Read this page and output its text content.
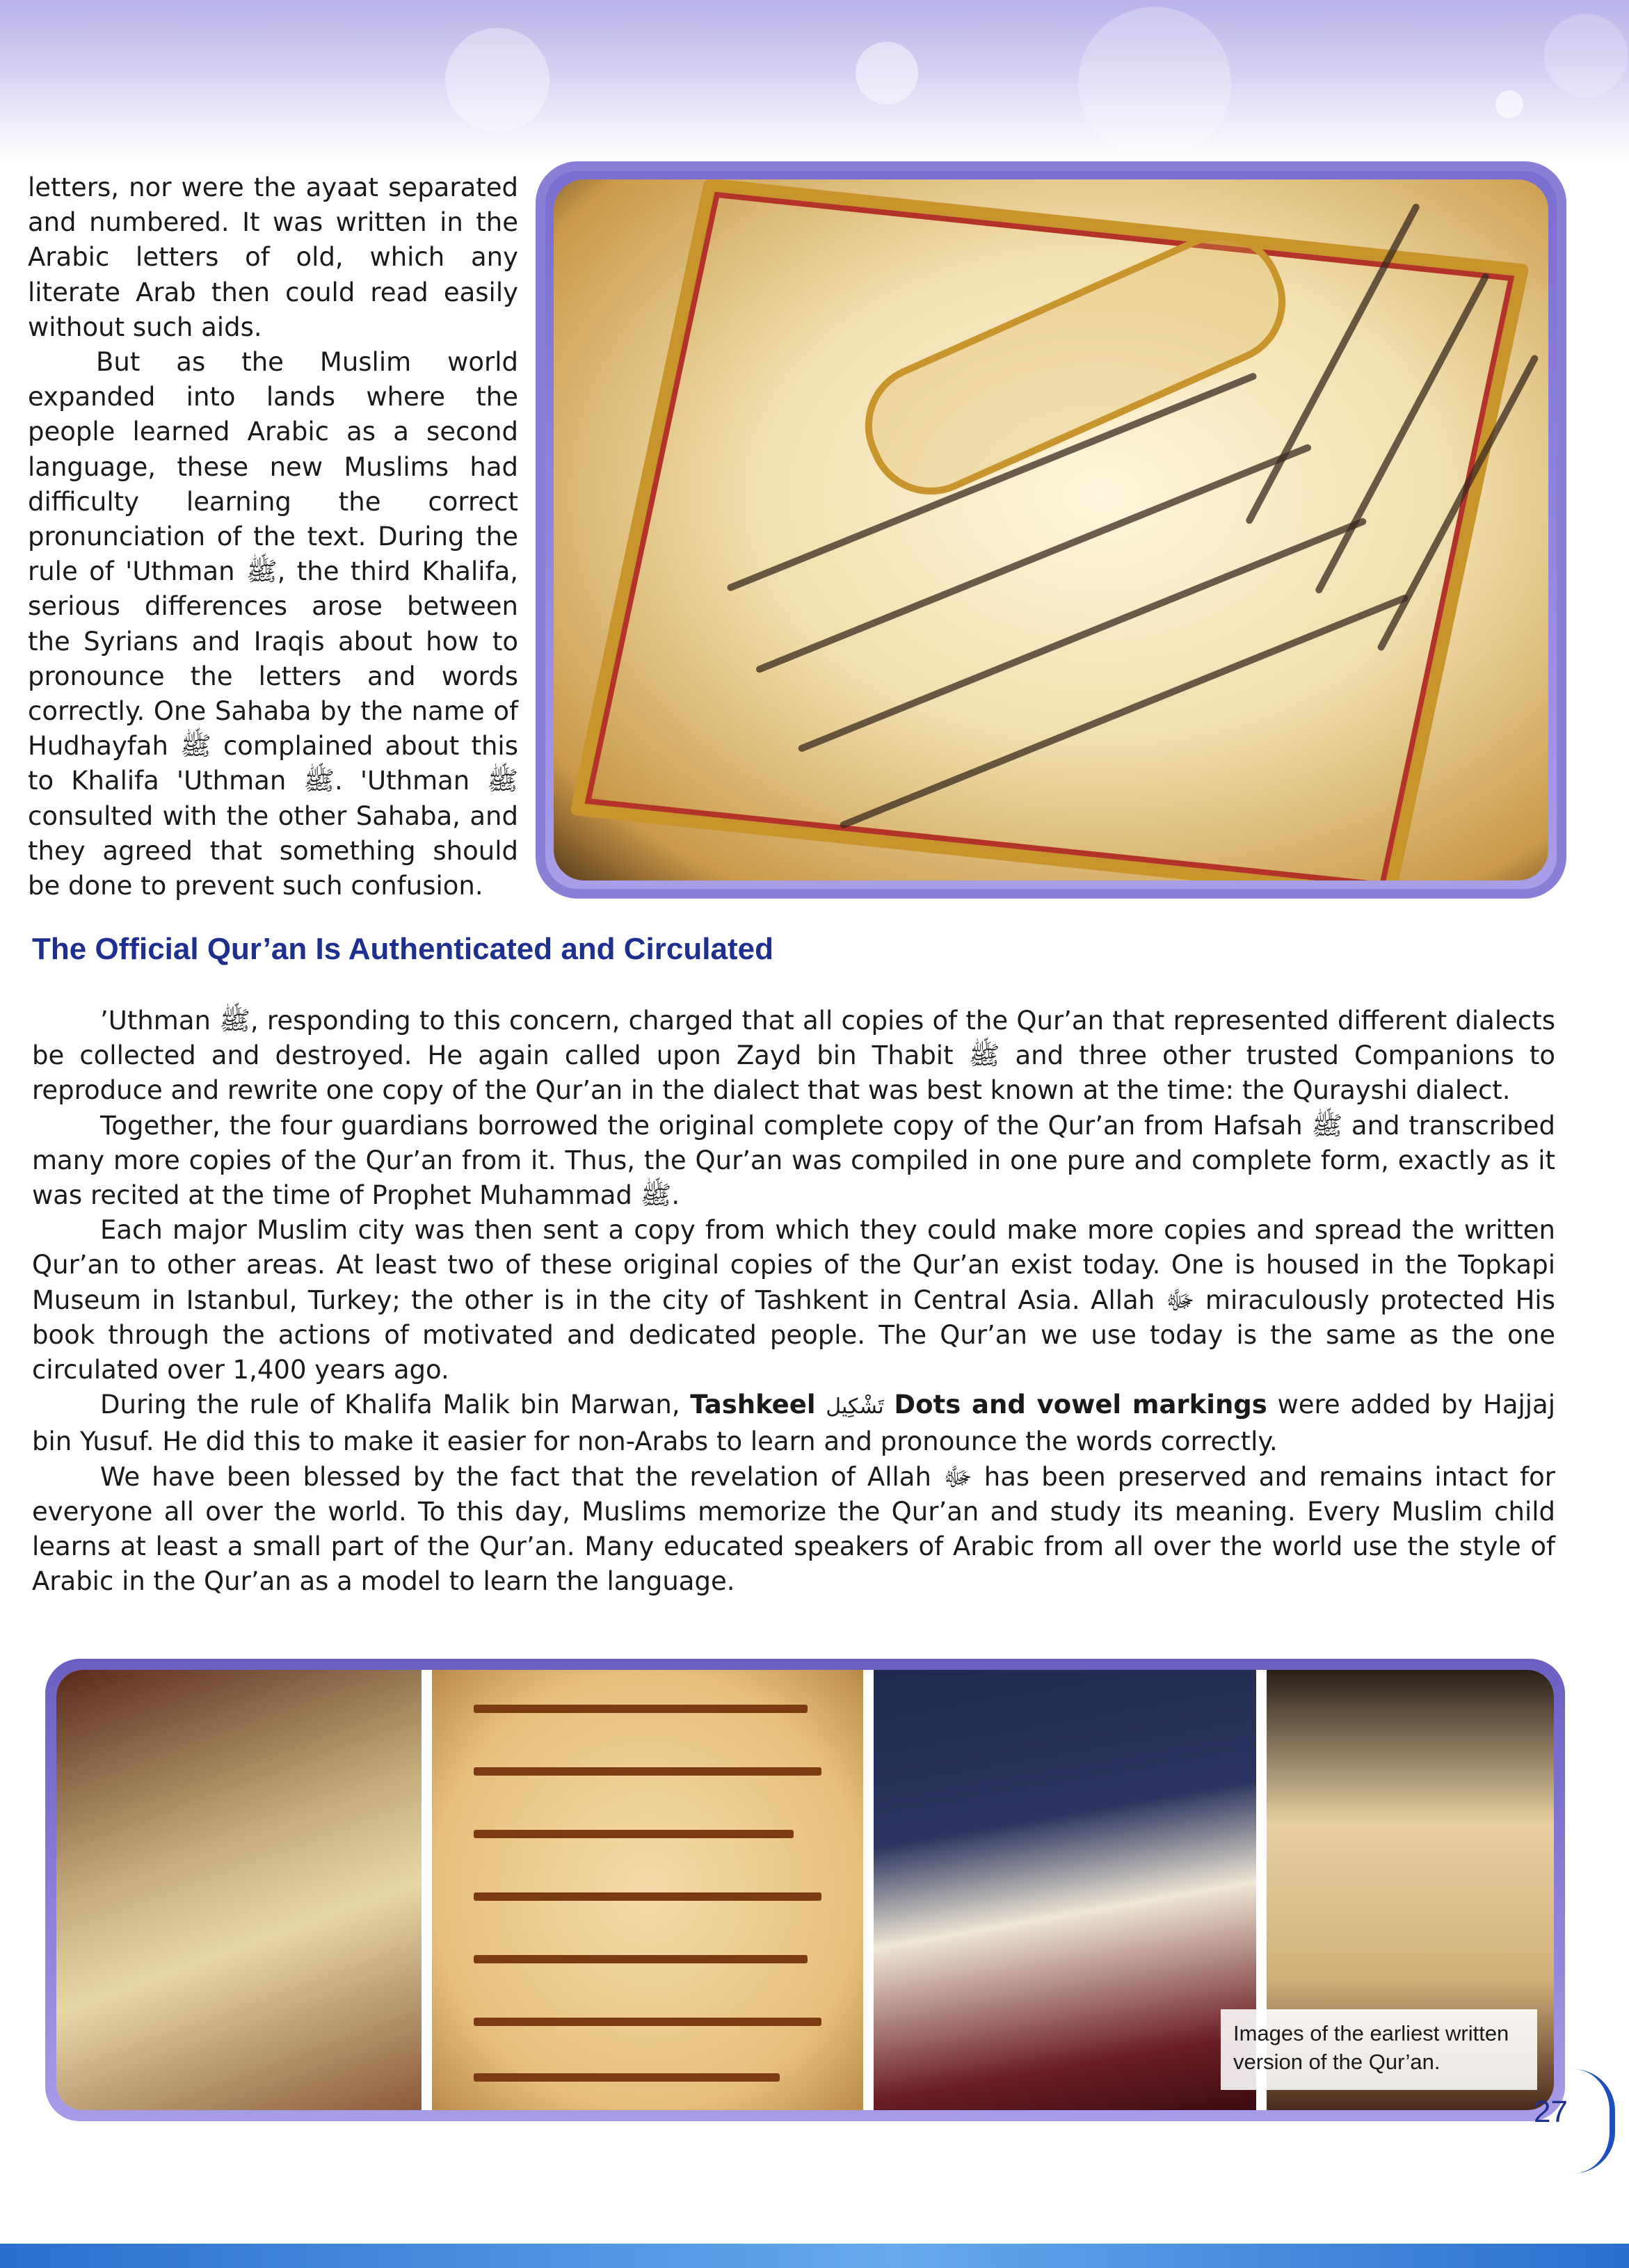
letters, nor were the ayaat separated and numbered. It was written in the Arabic letters of old, which any literate Arab then could read easily without such aids.

But as the Muslim world expanded into lands where the people learned Arabic as a second language, these new Muslims had difficulty learning the correct pronunciation of the text. During the rule of 'Uthman ﷺ, the third Khalifa, serious differences arose between the Syrians and Iraqis about how to pronounce the letters and words correctly. One Sahaba by the name of Hudhayfah ﷺ complained about this to Khalifa 'Uthman ﷺ. 'Uthman ﷺ consulted with the other Sahaba, and they agreed that something should be done to prevent such confusion.

The Official Qur’an Is Authenticated and Circulated

’Uthman ﷺ, responding to this concern, charged that all copies of the Qur’an that represented different dialects be collected and destroyed. He again called upon Zayd bin Thabit ﷺ and three other trusted Companions to reproduce and rewrite one copy of the Qur’an in the dialect that was best known at the time: the Qurayshi dialect.

Together, the four guardians borrowed the original complete copy of the Qur’an from Hafsah ﷺ and transcribed many more copies of the Qur’an from it. Thus, the Qur’an was compiled in one pure and complete form, exactly as it was recited at the time of Prophet Muhammad ﷺ.

Each major Muslim city was then sent a copy from which they could make more copies and spread the written Qur’an to other areas. At least two of these original copies of the Qur’an exist today. One is housed in the Topkapi Museum in Istanbul, Turkey; the other is in the city of Tashkent in Central Asia. Allah ﷻ miraculously protected His book through the actions of motivated and dedicated people. The Qur’an we use today is the same as the one circulated over 1,400 years ago.

During the rule of Khalifa Malik bin Marwan, Tashkeel تَشْكِيل Dots and vowel markings were added by Hajjaj bin Yusuf. He did this to make it easier for non-Arabs to learn and pronounce the words correctly.

We have been blessed by the fact that the revelation of Allah ﷻ has been preserved and remains intact for everyone all over the world. To this day, Muslims memorize the Qur’an and study its meaning. Every Muslim child learns at least a small part of the Qur’an. Many educated speakers of Arabic from all over the world use the style of Arabic in the Qur’an as a model to learn the language.

Images of the earliest written version of the Qur’an.

27
